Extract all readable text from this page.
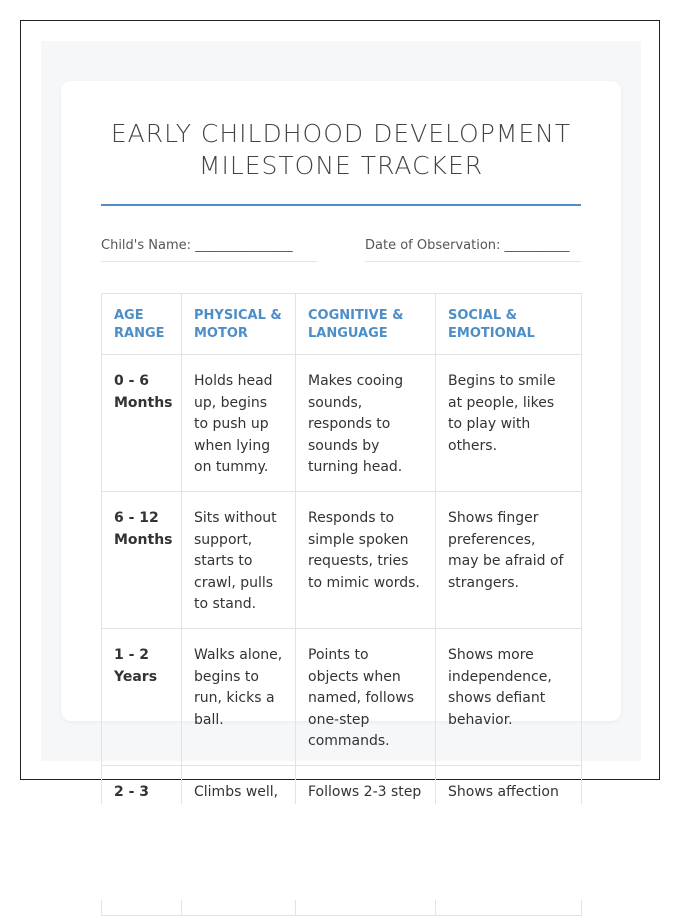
EARLY CHILDHOOD DEVELOPMENT MILESTONE TRACKER
Child's Name: _______________	Date of Observation: __________
AGE RANGE	PHYSICAL & MOTOR	COGNITIVE & LANGUAGE	SOCIAL & EMOTIONAL
0 - 6 Months	Holds head up, begins to push up when lying on tummy.	Makes cooing sounds, responds to sounds by turning head.	Begins to smile at people, likes to play with others.
6 - 12 Months	Sits without support, starts to crawl, pulls to stand.	Responds to simple spoken requests, tries to mimic words.	Shows finger preferences, may be afraid of strangers.
1 - 2 Years	Walks alone, begins to run, kicks a ball.	Points to objects when named, follows one-step commands.	Shows more independence, shows defiant behavior.
2 - 3	Climbs well,	Follows 2-3 step	Shows affection
